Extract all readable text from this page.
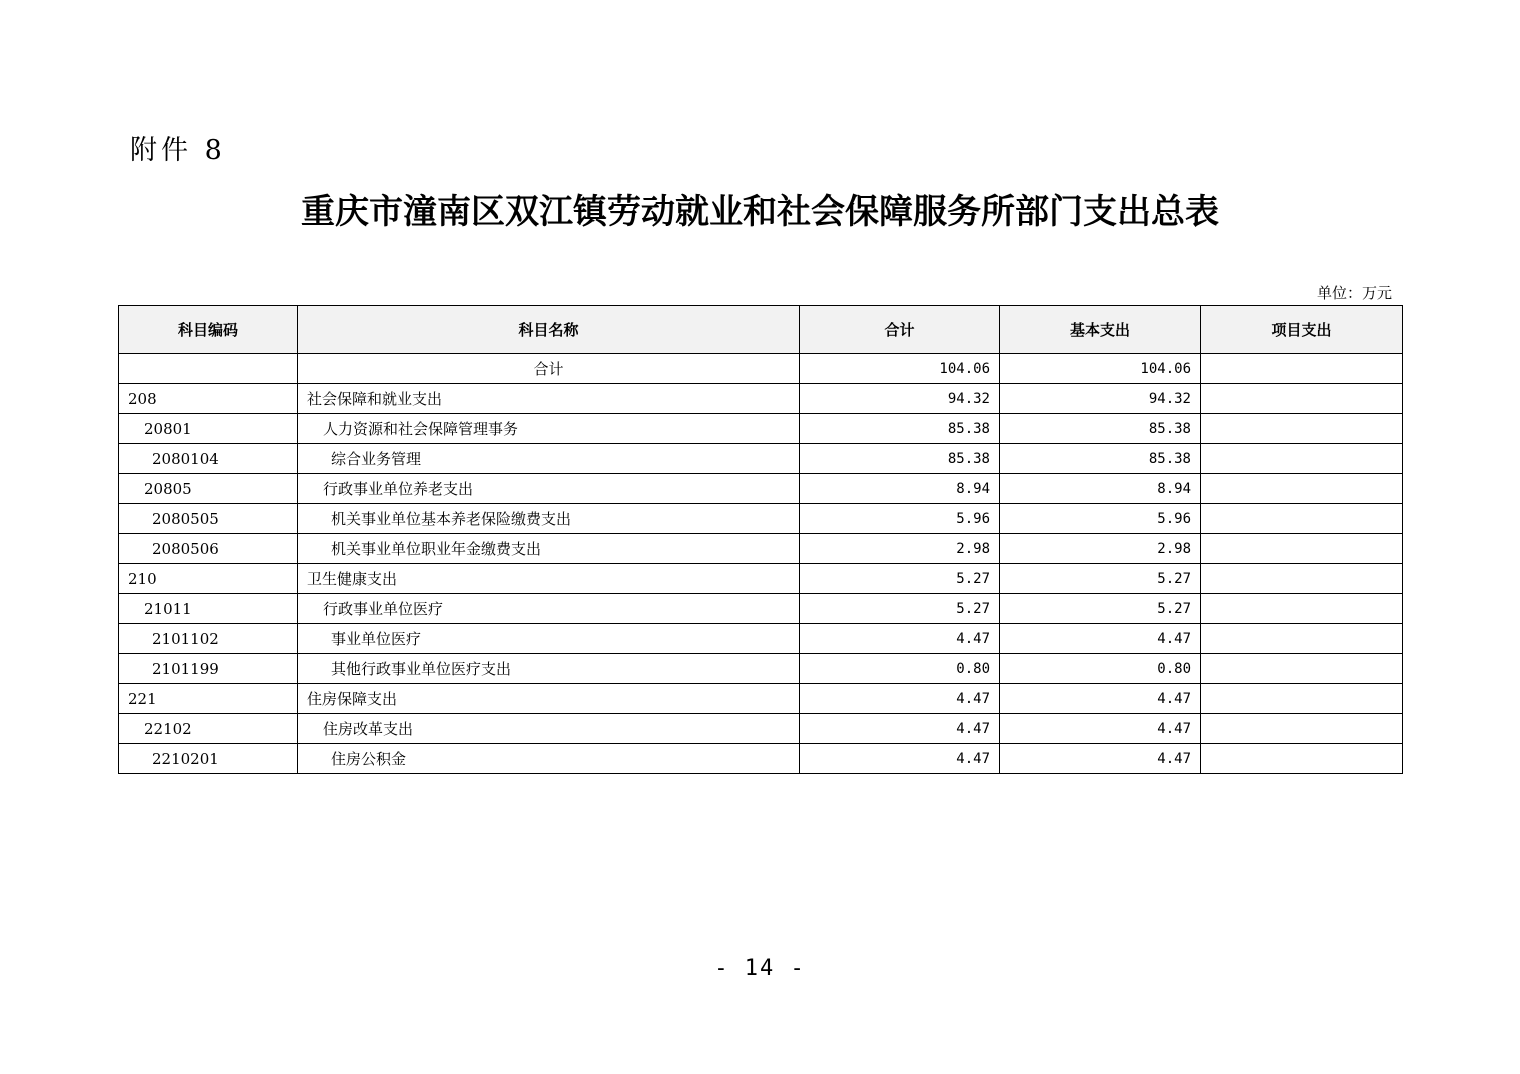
附件 8
重庆市潼南区双江镇劳动就业和社会保障服务所部门支出总表
单位：万元
科目编码	科目名称	合计	基本支出	项目支出
	合计	104.06	104.06	
208	社会保障和就业支出	94.32	94.32	
20801	人力资源和社会保障管理事务	85.38	85.38	
2080104	综合业务管理	85.38	85.38	
20805	行政事业单位养老支出	8.94	8.94	
2080505	机关事业单位基本养老保险缴费支出	5.96	5.96	
2080506	机关事业单位职业年金缴费支出	2.98	2.98	
210	卫生健康支出	5.27	5.27	
21011	行政事业单位医疗	5.27	5.27	
2101102	事业单位医疗	4.47	4.47	
2101199	其他行政事业单位医疗支出	0.80	0.80	
221	住房保障支出	4.47	4.47	
22102	住房改革支出	4.47	4.47	
2210201	住房公积金	4.47	4.47	
- 14 -
